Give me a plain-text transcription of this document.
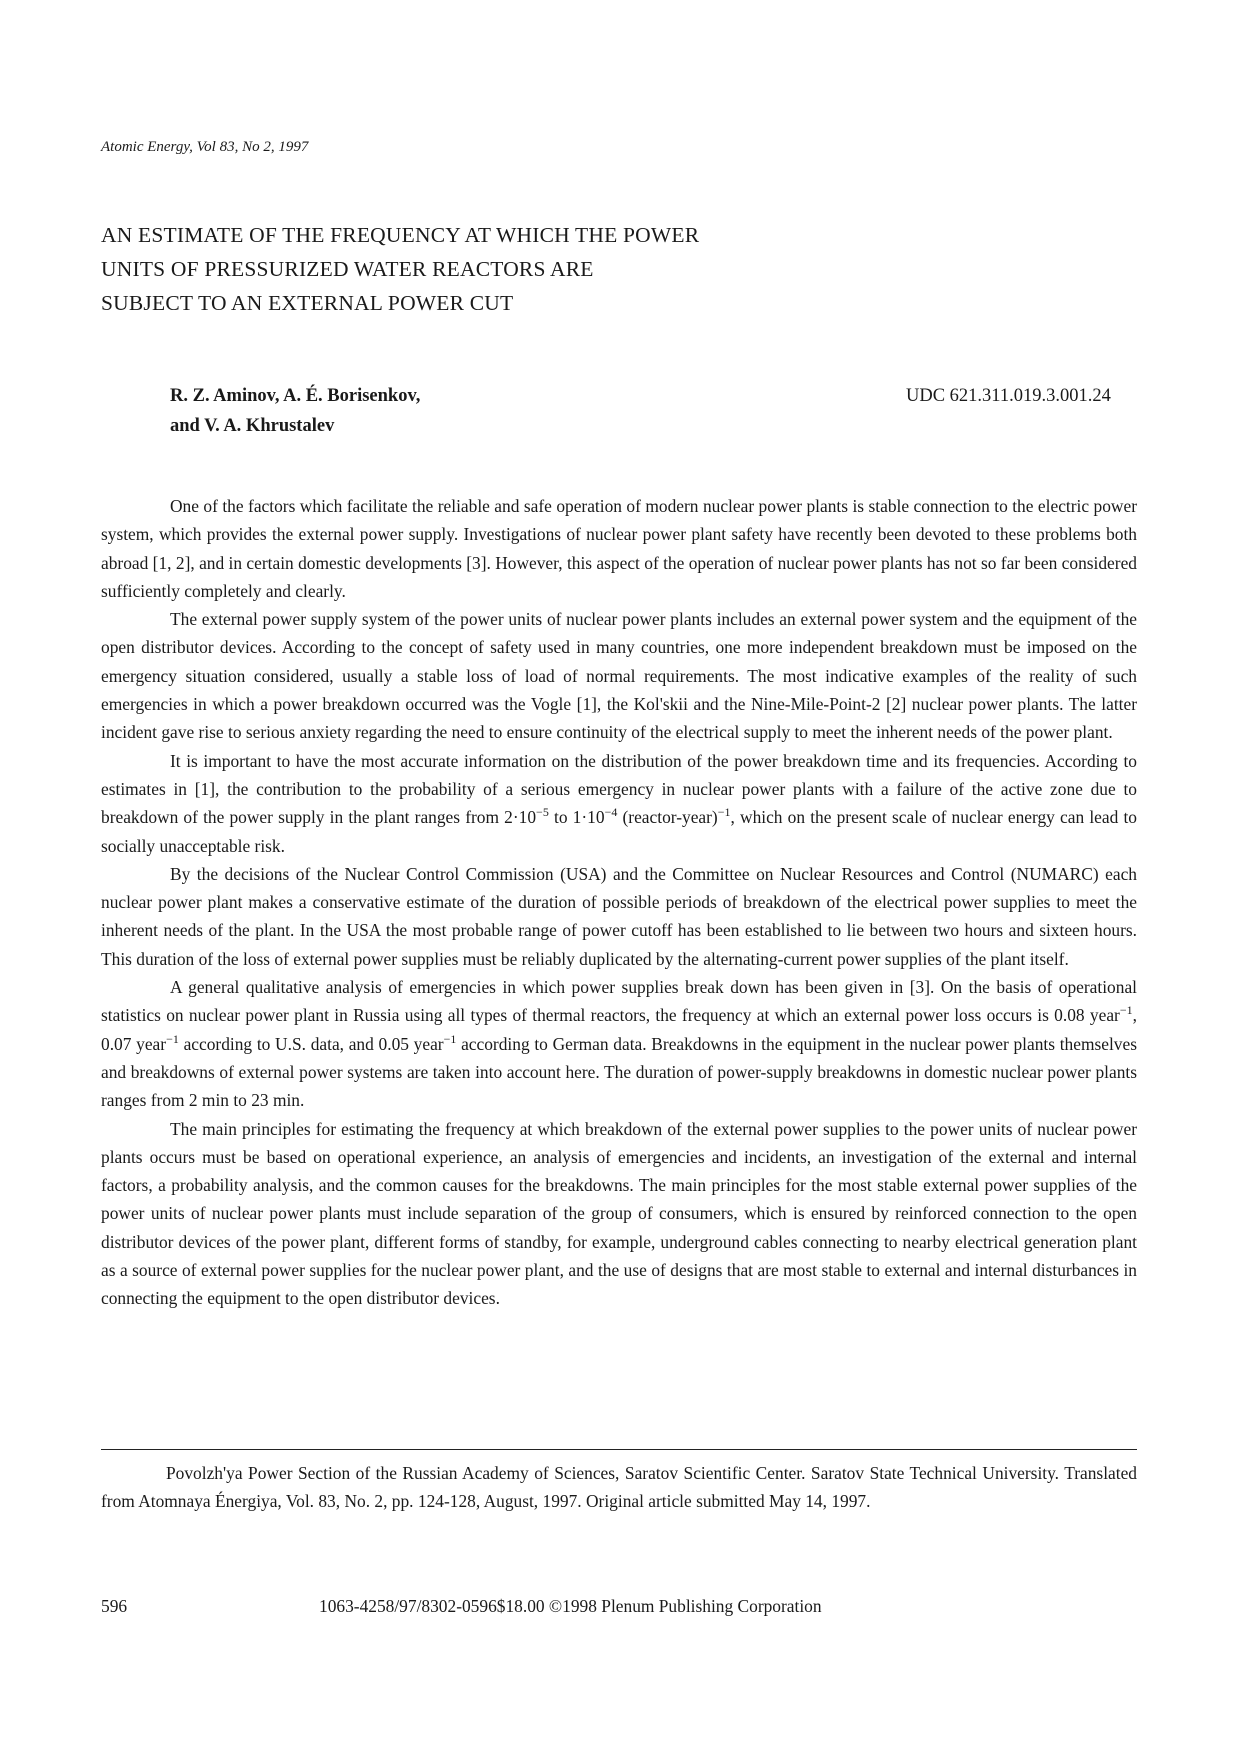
Atomic Energy, Vol 83, No 2, 1997
AN ESTIMATE OF THE FREQUENCY AT WHICH THE POWER
UNITS OF PRESSURIZED WATER REACTORS ARE
SUBJECT TO AN EXTERNAL POWER CUT
R. Z. Aminov, A. É. Borisenkov,
and V. A. Khrustalev
UDC 621.311.019.3.001.24

One of the factors which facilitate the reliable and safe operation of modern nuclear power plants is stable connection to the electric power system, which provides the external power supply. Investigations of nuclear power plant safety have recently been devoted to these problems both abroad [1, 2], and in certain domestic developments [3]. However, this aspect of the operation of nuclear power plants has not so far been considered sufficiently completely and clearly.

The external power supply system of the power units of nuclear power plants includes an external power system and the equipment of the open distributor devices. According to the concept of safety used in many countries, one more independent breakdown must be imposed on the emergency situation considered, usually a stable loss of load of normal requirements. The most indicative examples of the reality of such emergencies in which a power breakdown occurred was the Vogle [1], the Kol'skii and the Nine-Mile-Point-2 [2] nuclear power plants. The latter incident gave rise to serious anxiety regarding the need to ensure continuity of the electrical supply to meet the inherent needs of the power plant.

It is important to have the most accurate information on the distribution of the power breakdown time and its frequencies. According to estimates in [1], the contribution to the probability of a serious emergency in nuclear power plants with a failure of the active zone due to breakdown of the power supply in the plant ranges from $2\cdot 10^{-5}$ to $1\cdot 10^{-4}$ (reactor-year)$^{-1}$, which on the present scale of nuclear energy can lead to socially unacceptable risk.

By the decisions of the Nuclear Control Commission (USA) and the Committee on Nuclear Resources and Control (NUMARC) each nuclear power plant makes a conservative estimate of the duration of possible periods of breakdown of the electrical power supplies to meet the inherent needs of the plant. In the USA the most probable range of power cutoff has been established to lie between two hours and sixteen hours. This duration of the loss of external power supplies must be reliably duplicated by the alternating-current power supplies of the plant itself.

A general qualitative analysis of emergencies in which power supplies break down has been given in [3]. On the basis of operational statistics on nuclear power plant in Russia using all types of thermal reactors, the frequency at which an external power loss occurs is 0.08 year$^{-1}$, 0.07 year$^{-1}$ according to U.S. data, and 0.05 year$^{-1}$ according to German data. Breakdowns in the equipment in the nuclear power plants themselves and breakdowns of external power systems are taken into account here. The duration of power-supply breakdowns in domestic nuclear power plants ranges from 2 min to 23 min.

The main principles for estimating the frequency at which breakdown of the external power supplies to the power units of nuclear power plants occurs must be based on operational experience, an analysis of emergencies and incidents, an investigation of the external and internal factors, a probability analysis, and the common causes for the breakdowns. The main principles for the most stable external power supplies of the power units of nuclear power plants must include separation of the group of consumers, which is ensured by reinforced connection to the open distributor devices of the power plant, different forms of standby, for example, underground cables connecting to nearby electrical generation plant as a source of external power supplies for the nuclear power plant, and the use of designs that are most stable to external and internal disturbances in connecting the equipment to the open distributor devices.

Povolzh'ya Power Section of the Russian Academy of Sciences, Saratov Scientific Center. Saratov State Technical University. Translated from Atomnaya Énergiya, Vol. 83, No. 2, pp. 124-128, August, 1997. Original article submitted May 14, 1997.

596	1063-4258/97/8302-0596$18.00 ©1998 Plenum Publishing Corporation
